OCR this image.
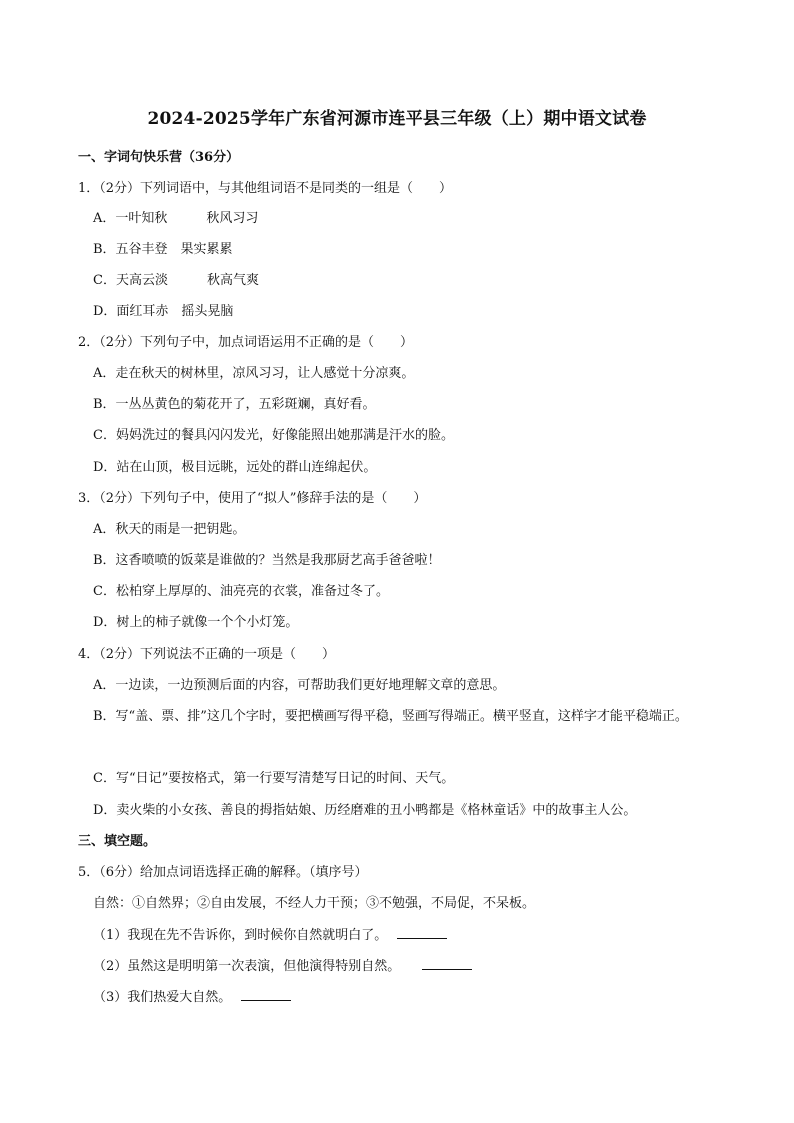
2024-2025学年广东省河源市连平县三年级（上）期中语文试卷
一、字词句快乐营（36分）
1．（2分）下列词语中，与其他组词语不是同类的一组是（　　）
A．一叶知秋　　　秋风习习
B．五谷丰登　果实累累
C．天高云淡　　　秋高气爽
D．面红耳赤　摇头晃脑
2．（2分）下列句子中，加点词语运用不正确的是（　　）
A．走在秋天的树林里，凉风习习，让人感觉十分凉爽。
B．一丛丛黄色的菊花开了，五彩斑斓，真好看。
C．妈妈洗过的餐具闪闪发光，好像能照出她那满是汗水的脸。
D．站在山顶，极目远眺，远处的群山连绵起伏。
3．（2分）下列句子中，使用了“拟人”修辞手法的是（　　）
A．秋天的雨是一把钥匙。
B．这香喷喷的饭菜是谁做的？当然是我那厨艺高手爸爸啦！
C．松柏穿上厚厚的、油亮亮的衣裳，准备过冬了。
D．树上的柿子就像一个个小灯笼。
4．（2分）下列说法不正确的一项是（　　）
A．一边读，一边预测后面的内容，可帮助我们更好地理解文章的意思。
B．写“盖、票、排”这几个字时，要把横画写得平稳，竖画写得端正。横平竖直，这样字才能平稳端正。
C．写“日记”要按格式，第一行要写清楚写日记的时间、天气。
D．卖火柴的小女孩、善良的拇指姑娘、历经磨难的丑小鸭都是《格林童话》中的故事主人公。
三、填空题。
5．（6分）给加点词语选择正确的解释。（填序号）
自然：①自然界；②自由发展，不经人力干预；③不勉强，不局促，不呆板。
（1）我现在先不告诉你，到时候你自然就明白了。
（2）虽然这是明明第一次表演，但他演得特别自然。
（3）我们热爱大自然。
